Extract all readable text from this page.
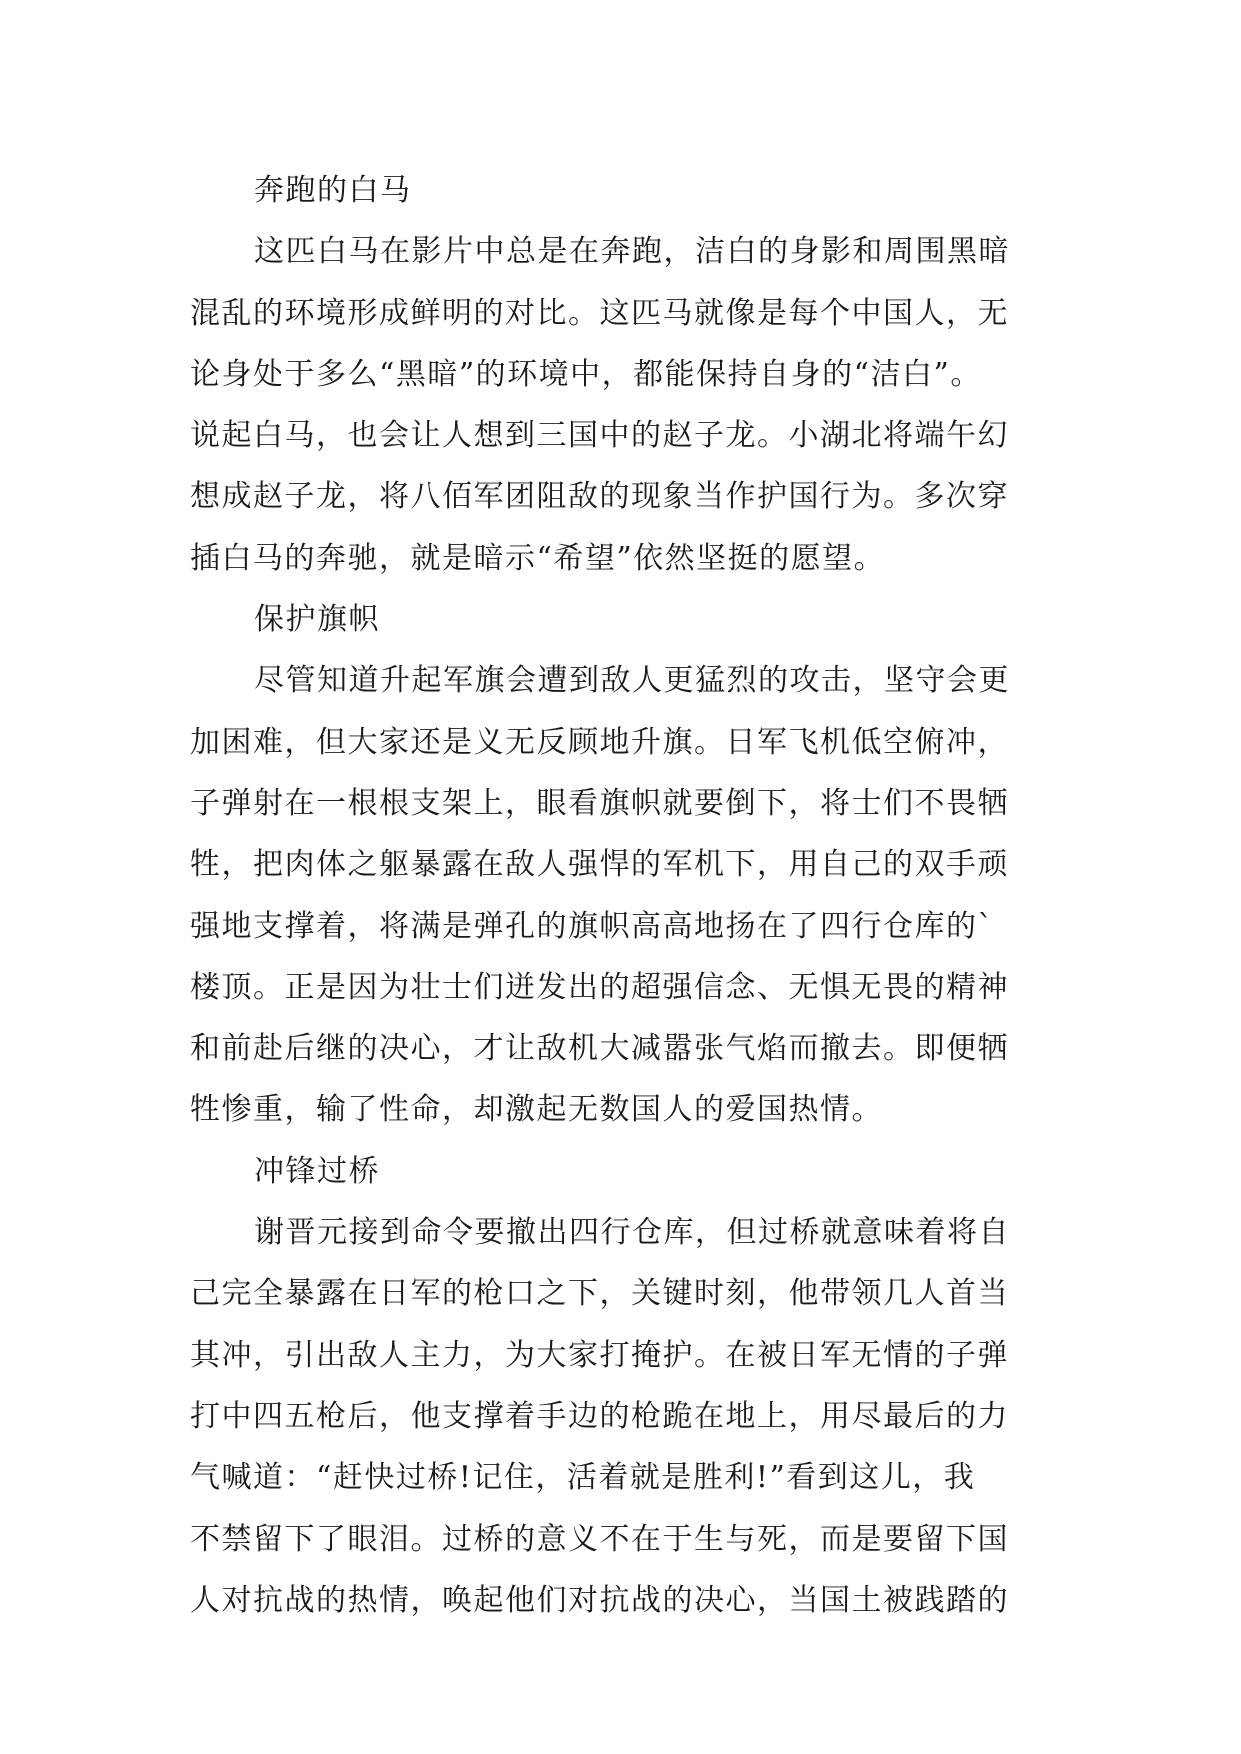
奔跑的白马
这匹白马在影片中总是在奔跑，洁白的身影和周围黑暗
混乱的环境形成鲜明的对比。这匹马就像是每个中国人，无
论身处于多么“黑暗”的环境中，都能保持自身的“洁白”。
说起白马，也会让人想到三国中的赵子龙。小湖北将端午幻
想成赵子龙，将八佰军团阻敌的现象当作护国行为。多次穿
插白马的奔驰，就是暗示“希望”依然坚挺的愿望。
保护旗帜
尽管知道升起军旗会遭到敌人更猛烈的攻击，坚守会更
加困难，但大家还是义无反顾地升旗。日军飞机低空俯冲，
子弹射在一根根支架上，眼看旗帜就要倒下，将士们不畏牺
牲，把肉体之躯暴露在敌人强悍的军机下，用自己的双手顽
强地支撑着，将满是弹孔的旗帜高高地扬在了四行仓库的`
楼顶。正是因为壮士们迸发出的超强信念、无惧无畏的精神
和前赴后继的决心，才让敌机大减嚣张气焰而撤去。即便牺
牲惨重，输了性命，却激起无数国人的爱国热情。
冲锋过桥
谢晋元接到命令要撤出四行仓库，但过桥就意味着将自
己完全暴露在日军的枪口之下，关键时刻，他带领几人首当
其冲，引出敌人主力，为大家打掩护。在被日军无情的子弹
打中四五枪后，他支撑着手边的枪跪在地上，用尽最后的力
气喊道：“赶快过桥!记住，活着就是胜利!”看到这儿，我
不禁留下了眼泪。过桥的意义不在于生与死，而是要留下国
人对抗战的热情，唤起他们对抗战的决心，当国土被践踏的
